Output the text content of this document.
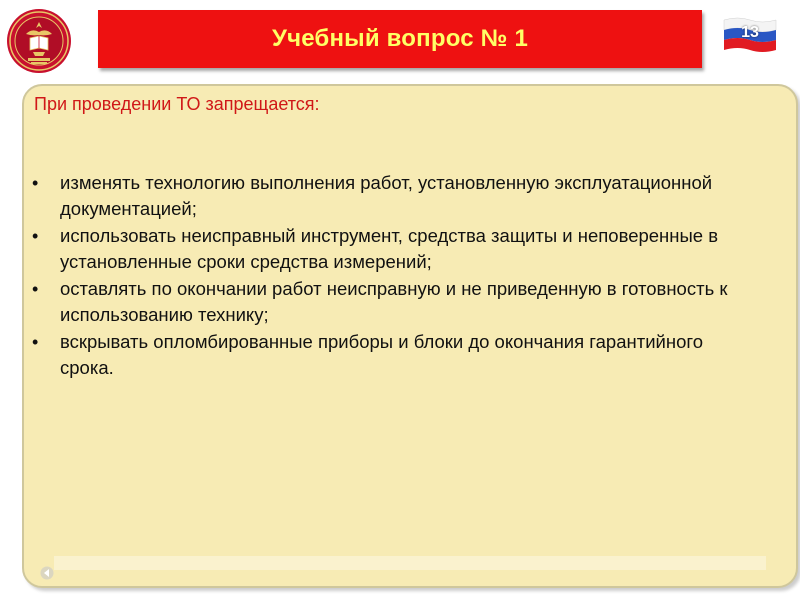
Учебный вопрос № 1	13
При проведении ТО запрещается:
• изменять технологию выполнения работ, установленную эксплуатационной документацией;
• использовать неисправный инструмент, средства защиты и неповеренные в установленные сроки средства измерений;
• оставлять по окончании работ неисправную и не приведенную в готовность к использованию технику;
• вскрывать опломбированные приборы и блоки до окончания гарантийного срока.
